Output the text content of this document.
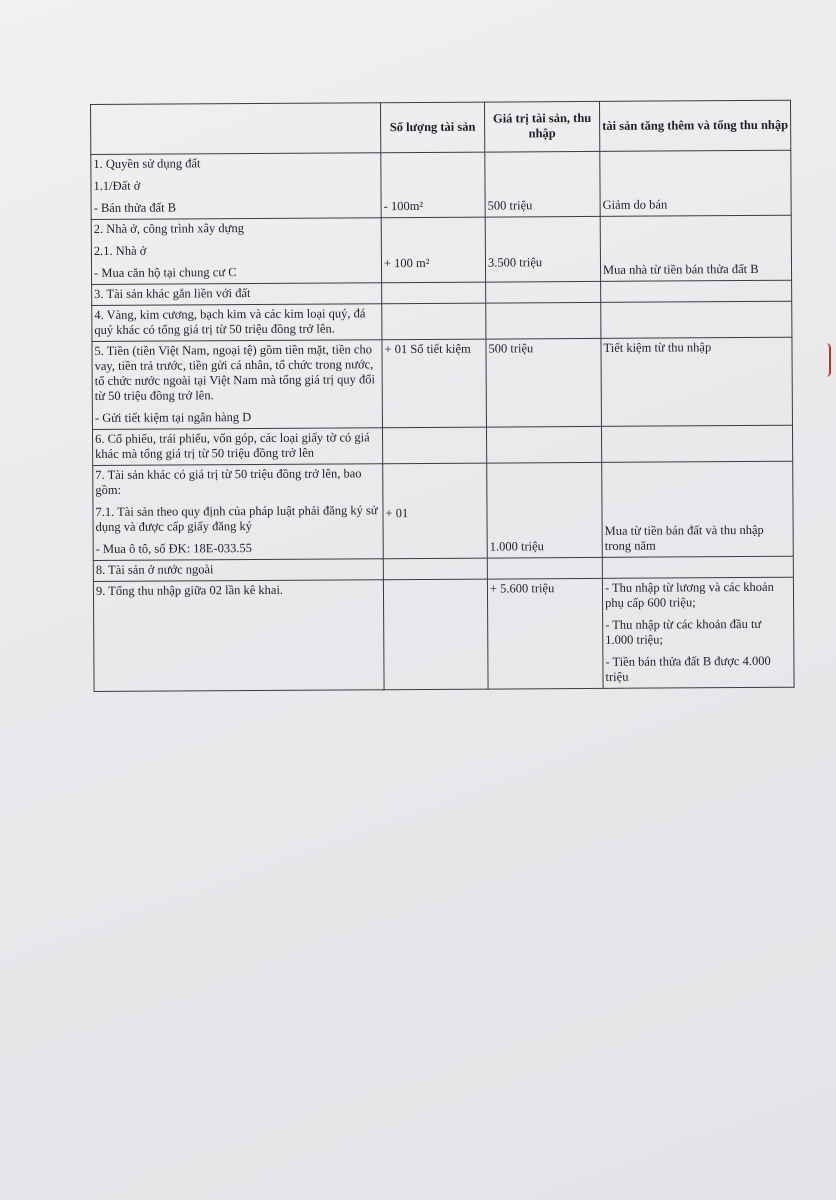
	Số lượng tài sản	Giá trị tài sản, thu nhập	tài sản tăng thêm và tổng thu nhập

1. Quyền sử dụng đất
1.1/Đất ở
- Bán thửa đất B	- 100m²	500 triệu	Giảm do bán

2. Nhà ở, công trình xây dựng
2.1. Nhà ở
- Mua căn hộ tại chung cư C	+ 100 m²	3.500 triệu	Mua nhà từ tiền bán thửa đất B

3. Tài sản khác gắn liền với đất			

4. Vàng, kim cương, bạch kim và các kim loại quý, đá quý khác có tổng giá trị từ 50 triệu đồng trở lên.			

5. Tiền (tiền Việt Nam, ngoại tệ) gồm tiền mặt, tiền cho vay, tiền trả trước, tiền gửi cá nhân, tổ chức trong nước, tổ chức nước ngoài tại Việt Nam mà tổng giá trị quy đổi từ 50 triệu đồng trở lên.
- Gửi tiết kiệm tại ngân hàng D	+ 01 Sổ tiết kiệm	500 triệu	Tiết kiệm từ thu nhập

6. Cổ phiếu, trái phiếu, vốn góp, các loại giấy tờ có giá khác mà tổng giá trị từ 50 triệu đồng trở lên			

7. Tài sản khác có giá trị từ 50 triệu đồng trở lên, bao gồm:
7.1. Tài sản theo quy định của pháp luật phải đăng ký sử dụng và được cấp giấy đăng ký
- Mua ô tô, số ĐK: 18E-033.55	+ 01	1.000 triệu	Mua từ tiền bán đất và thu nhập trong năm

8. Tài sản ở nước ngoài			

9. Tổng thu nhập giữa 02 lần kê khai.		+ 5.600 triệu	- Thu nhập từ lương và các khoản phụ cấp 600 triệu;
- Thu nhập từ các khoản đầu tư 1.000 triệu;
- Tiền bán thửa đất B được 4.000 triệu
